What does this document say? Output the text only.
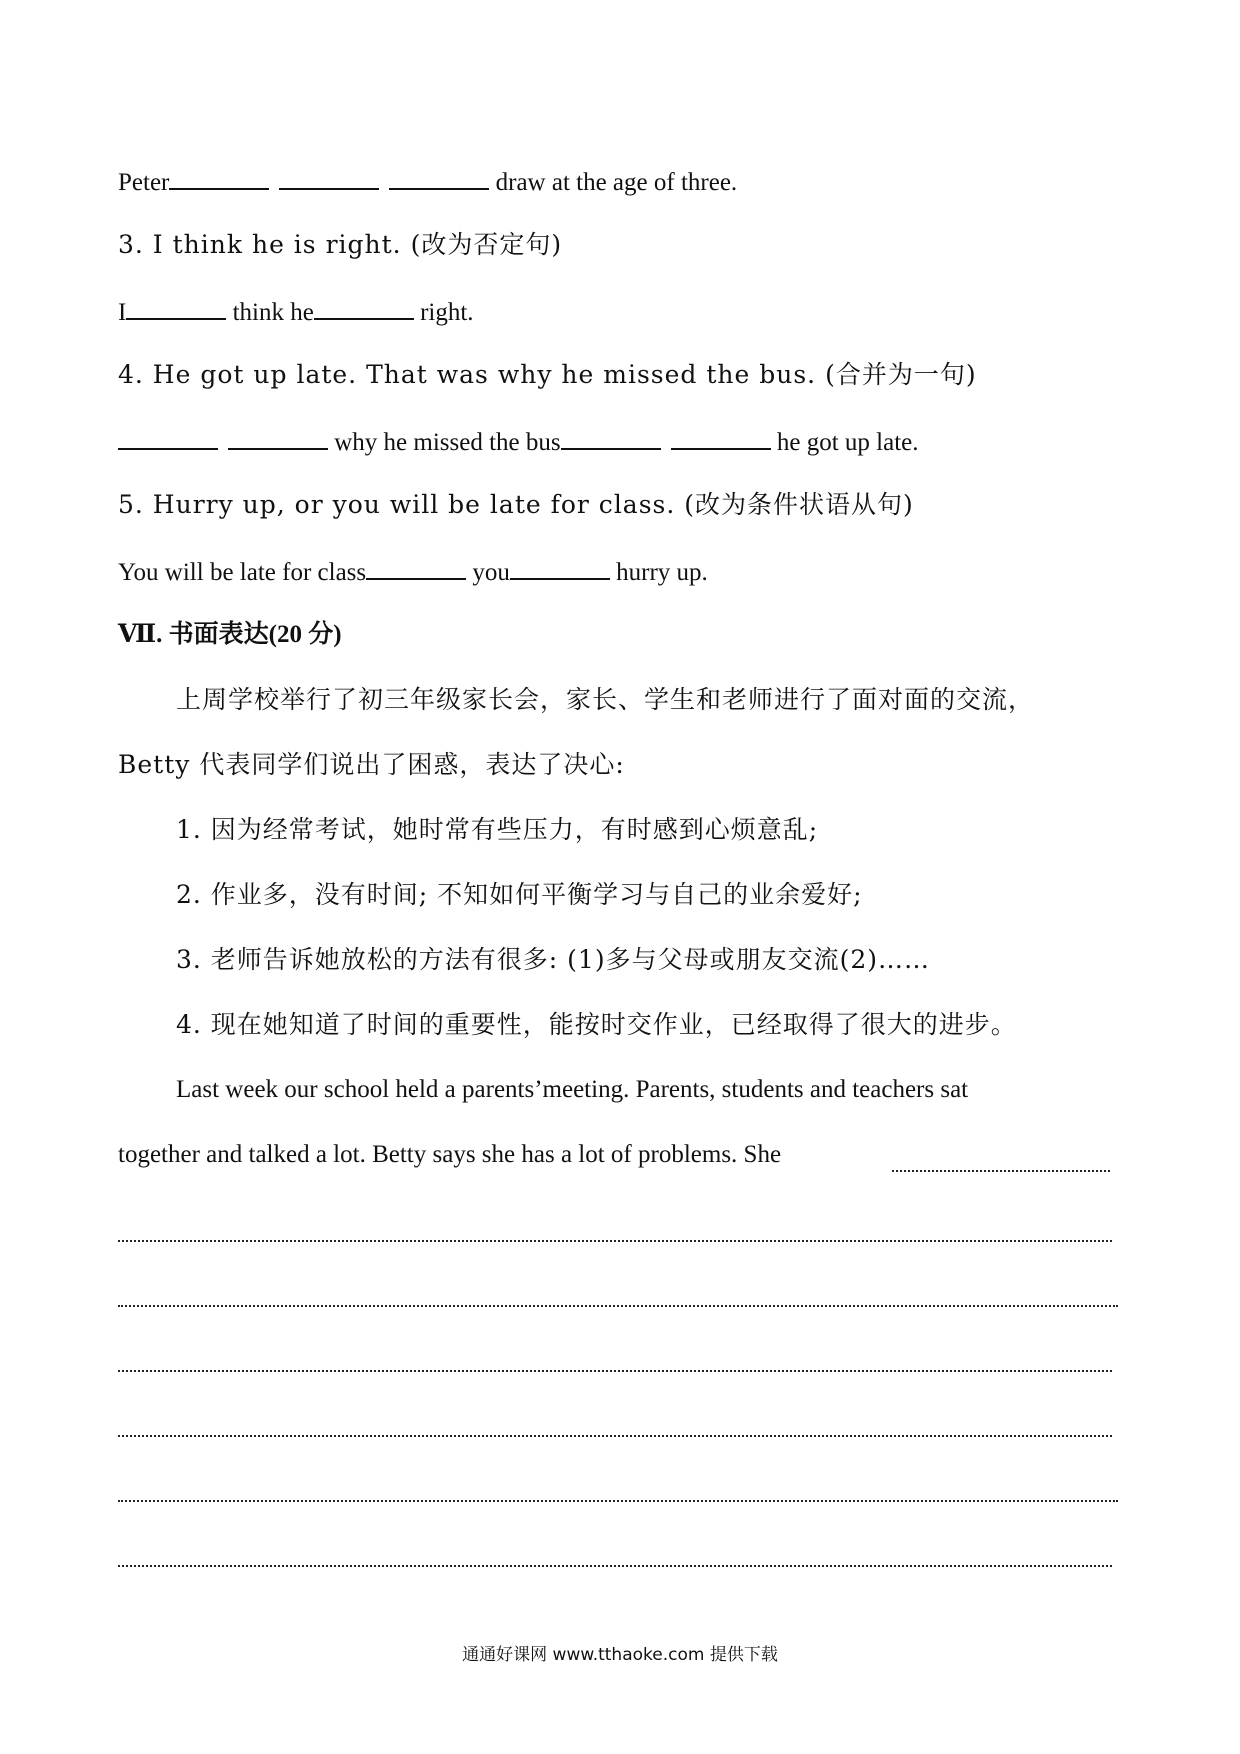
Peter	draw at the age of three.
3. I think he is right. (改为否定句)
I	think he	right.
4. He got up late. That was why he missed the bus. (合并为一句)
why he missed the bus	he got up late.
5. Hurry up, or you will be late for class. (改为条件状语从句)
You will be late for class	you	hurry up.
Ⅶ. 书面表达(20 分)
上周学校举行了初三年级家长会，家长、学生和老师进行了面对面的交流，
Betty 代表同学们说出了困惑，表达了决心:
1. 因为经常考试，她时常有些压力，有时感到心烦意乱;
2. 作业多，没有时间; 不知如何平衡学习与自己的业余爱好;
3. 老师告诉她放松的方法有很多: (1)多与父母或朋友交流(2)……
4. 现在她知道了时间的重要性，能按时交作业，已经取得了很大的进步。
Last week our school held a parents’meeting. Parents, students and teachers sat
together and talked a lot. Betty says she has a lot of problems. She
通通好课网 www.tthaoke.com 提供下载
